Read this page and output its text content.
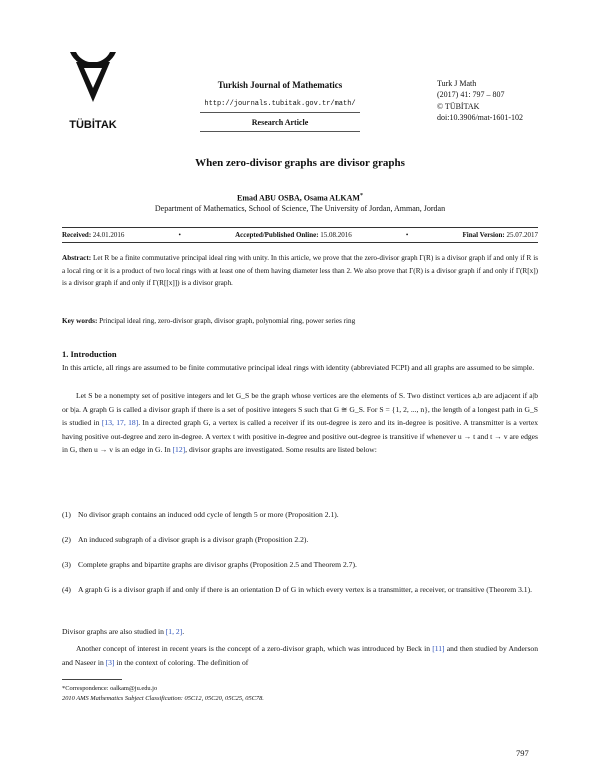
TÜBİTAK
Turkish Journal of Mathematics
http://journals.tubitak.gov.tr/math/
Research Article
Turk J Math
(2017) 41: 797 – 807
© TÜBİTAK
doi:10.3906/mat-1601-102
When zero-divisor graphs are divisor graphs
Emad ABU OSBA, Osama ALKAM*
Department of Mathematics, School of Science, The University of Jordan, Amman, Jordan
Received: 24.01.2016	•	Accepted/Published Online: 15.08.2016	•	Final Version: 25.07.2017
Abstract: Let R be a finite commutative principal ideal ring with unity. In this article, we prove that the zero-divisor graph Γ(R) is a divisor graph if and only if R is a local ring or it is a product of two local rings with at least one of them having diameter less than 2. We also prove that Γ(R) is a divisor graph if and only if Γ(R[x]) is a divisor graph if and only if Γ(R[[x]]) is a divisor graph.
Key words: Principal ideal ring, zero-divisor graph, divisor graph, polynomial ring, power series ring
1. Introduction
In this article, all rings are assumed to be finite commutative principal ideal rings with identity (abbreviated FCPI) and all graphs are assumed to be simple.
Let S be a nonempty set of positive integers and let G_S be the graph whose vertices are the elements of S. Two distinct vertices a,b are adjacent if a|b or b|a. A graph G is called a divisor graph if there is a set of positive integers S such that G ≅ G_S. For S = {1, 2, ..., n}, the length of a longest path in G_S is studied in [13, 17, 18]. In a directed graph G, a vertex is called a receiver if its out-degree is zero and its in-degree is positive. A transmitter is a vertex having positive out-degree and zero in-degree. A vertex t with positive in-degree and positive out-degree is transitive if whenever u → t and t → v are edges in G, then u → v is an edge in G. In [12], divisor graphs are investigated. Some results are listed below:
(1) No divisor graph contains an induced odd cycle of length 5 or more (Proposition 2.1).
(2) An induced subgraph of a divisor graph is a divisor graph (Proposition 2.2).
(3) Complete graphs and bipartite graphs are divisor graphs (Proposition 2.5 and Theorem 2.7).
(4) A graph G is a divisor graph if and only if there is an orientation D of G in which every vertex is a transmitter, a receiver, or transitive (Theorem 3.1).
Divisor graphs are also studied in [1, 2].
Another concept of interest in recent years is the concept of a zero-divisor graph, which was introduced by Beck in [11] and then studied by Anderson and Naseer in [3] in the context of coloring. The definition of
*Correspondence: oalkam@ju.edu.jo
2010 AMS Mathematics Subject Classification: 05C12, 05C20, 05C25, 05C78.
797
